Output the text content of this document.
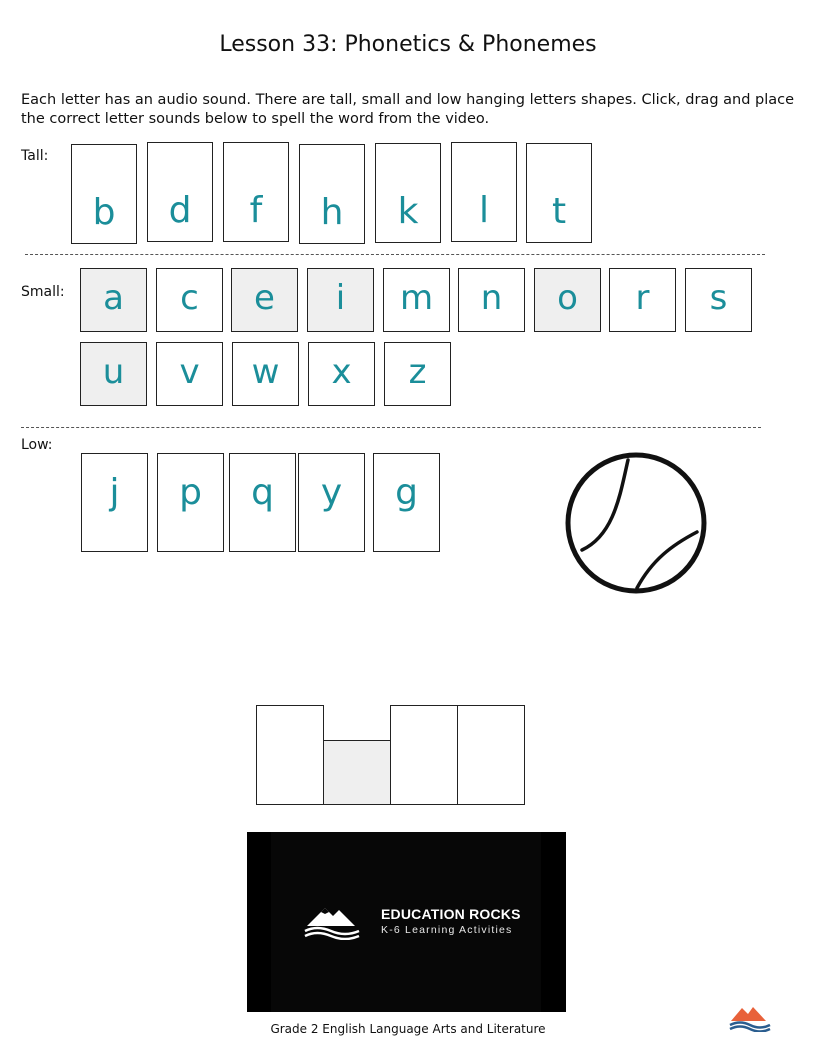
Lesson 33: Phonetics & Phonemes
Each letter has an audio sound. There are tall, small and low hanging letters shapes. Click, drag and place the correct letter sounds below to spell the word from the video.
Tall:
b	d	f	h	k	l	t
Small:	a	c	e	i	m	n	o	r	s
u	v	w	x	z
Low:
j	p	q	y	g
EDUCATION ROCKS
K-6 Learning Activities
Grade 2 English Language Arts and Literature
